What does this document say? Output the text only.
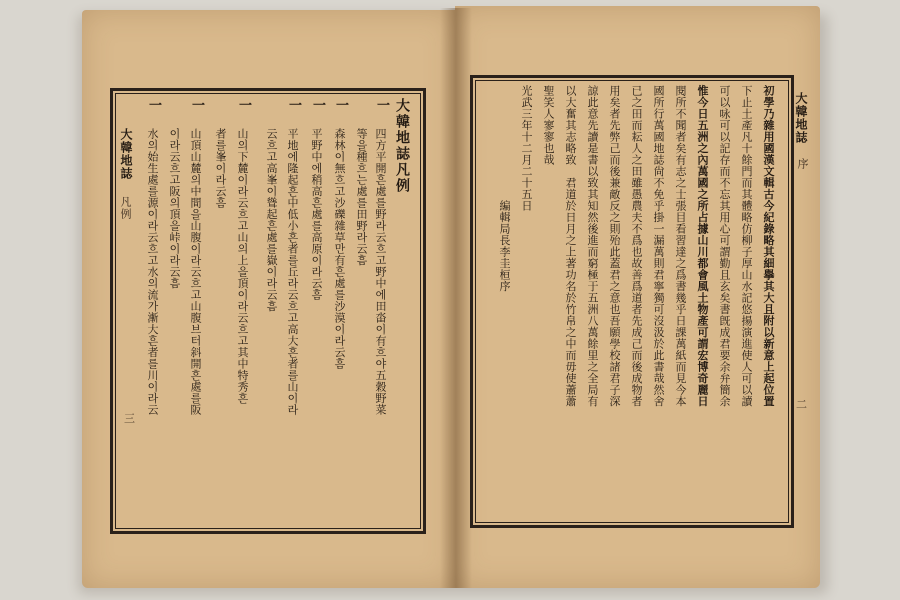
大韓地誌
凡例
三
大韓地誌凡例
一
四方平開흔處를野라云흐고野中에田畓이有흐야五穀野菜
等을種흐는處를田野라云흠
一
森林이無흐고沙礫雜草만有흔處를沙漠이라云흠
一
平野中에稍高흔處를高原이라云흠
一
平地에隆起흔中低小흔者를丘라云흐고高大흔者를山이라
云흐고高峯이聳起흔處를嶽이라云흠
一
山의下麓이라云흐고山의上을頂이라云흐고其中特秀흔
者를峯이라云흠
一
山頂山麓의中間을山腹이라云흐고山腹브터斜開흔處를阪
이라云흐고阪의頂을峠이라云흠
一
水의始生處를源이라云흐고水의流가漸大흔者를川이라云
大韓地誌
序
二
初學乃雜用國漢文輯古今紀錄略其細擧其大且附以新意上起位置
下止土產凡十餘門而其體略仿柳子厚山水記悠揚演進使人可以讀
可以咏可以記存而不忘其用心可謂勤且玄矣書旣成君要余弁簡余
惟今日五洲之內萬國之所占據山川都會風土物產可謂宏博奇麗日
閱所不聞者矣有志之士張目看習達之爲書幾乎日課萬紙而見今本
國所行萬國地誌尙不免乎掛一漏萬則君寧獨可沒汲於此書哉然舍
已之田而耘人之田雖愚農夫不爲也故善爲道者先成己而後成物者
用矣者先弊己而後兼敵反之則殆此蓋君之意也吾願學校諸君子深
諒此意先讀是書以致其知然後進而窮極于五洲八萬餘里之全局有
以大奮其志略致　君道於日月之上著功名於竹帛之中而毋使蕭蕭
聖笑人寥寥也哉
光武三年十二月二十五日
編輯局長李圭桓序
